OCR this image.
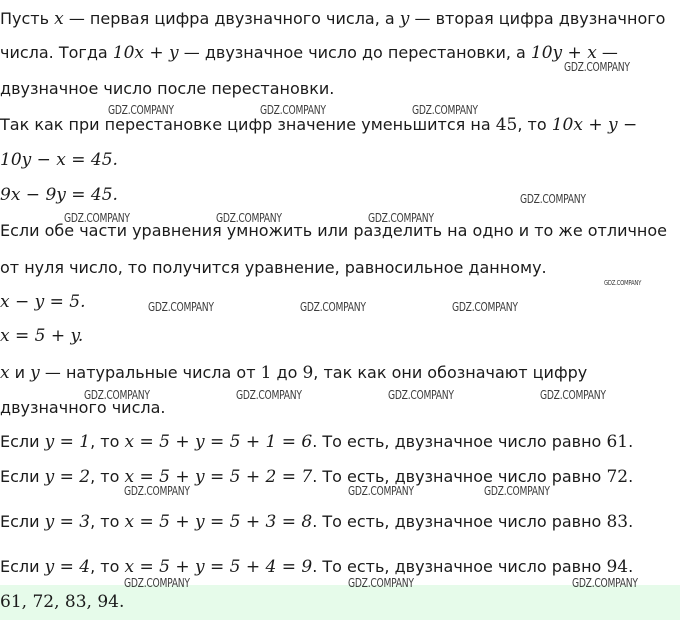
Пусть x — первая цифра двузначного числа, а y — вторая цифра двузначного
числа. Тогда 10x + y — двузначное число до перестановки, а 10y + x —
двузначное число после перестановки.
Так как при перестановке цифр значение уменьшится на 45, то 10x + y −
10y − x = 45.
9x − 9y = 45.
Если обе части уравнения умножить или разделить на одно и то же отличное
от нуля число, то получится уравнение, равносильное данному.
x − y = 5.
x = 5 + y.
x и y — натуральные числа от 1 до 9, так как они обозначают цифру
двузначного числа.
Если y = 1, то x = 5 + y = 5 + 1 = 6. То есть, двузначное число равно 61.
Если y = 2, то x = 5 + y = 5 + 2 = 7. То есть, двузначное число равно 72.
Если y = 3, то x = 5 + y = 5 + 3 = 8. То есть, двузначное число равно 83.
Если y = 4, то x = 5 + y = 5 + 4 = 9. То есть, двузначное число равно 94.
61, 72, 83, 94.
GDZ.COMPANY
GDZ.COMPANY	GDZ.COMPANY	GDZ.COMPANY
GDZ.COMPANY
GDZ.COMPANY	GDZ.COMPANY	GDZ.COMPANY
GDZ.COMPANY
GDZ.COMPANY	GDZ.COMPANY	GDZ.COMPANY
GDZ.COMPANY	GDZ.COMPANY	GDZ.COMPANY	GDZ.COMPANY
GDZ.COMPANY	GDZ.COMPANY	GDZ.COMPANY
GDZ.COMPANY	GDZ.COMPANY	GDZ.COMPANY
